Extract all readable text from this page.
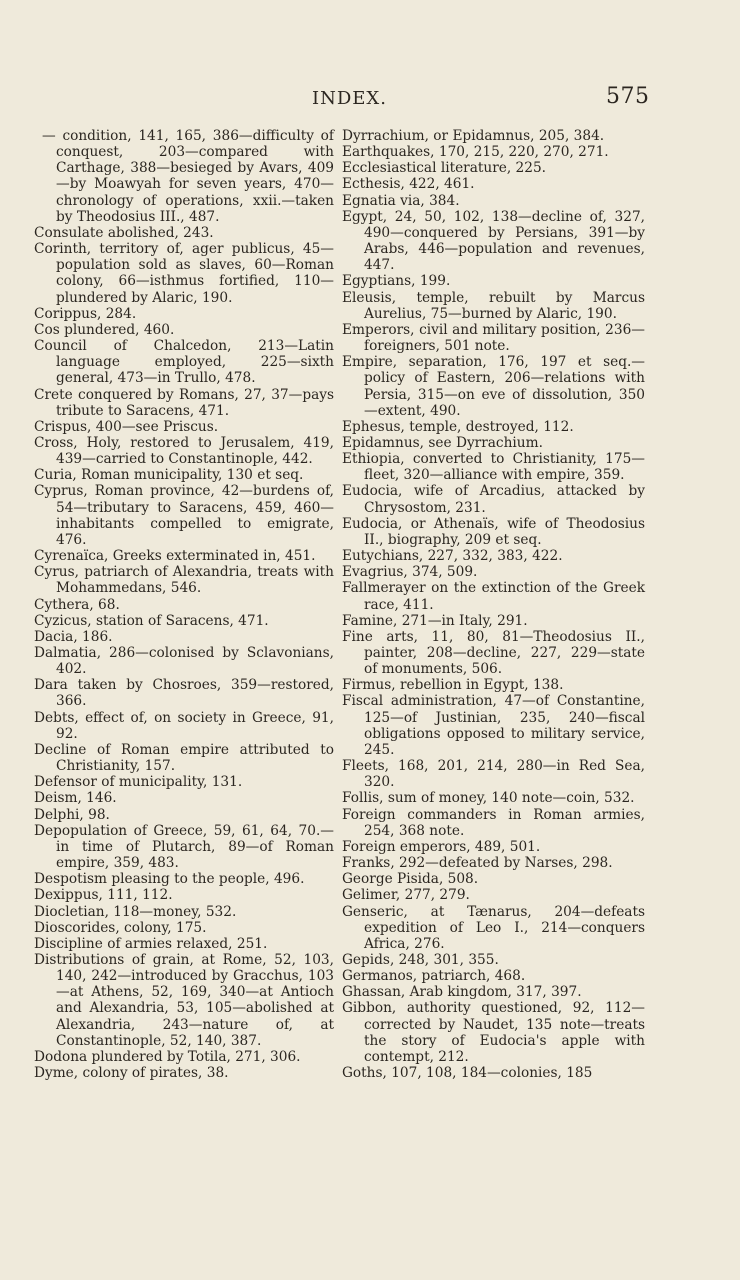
INDEX.	575

— condition, 141, 165, 386—difficulty of conquest, 203—compared with Carthage, 388—besieged by Avars, 409—by Moawyah for seven years, 470—chronology of operations, xxii.—taken by Theodosius III., 487.

Consulate abolished, 243.

Corinth, territory of, ager publicus, 45—population sold as slaves, 60—Roman colony, 66—isthmus fortified, 110—plundered by Alaric, 190.

Corippus, 284.

Cos plundered, 460.

Council of Chalcedon, 213—Latin language employed, 225—sixth general, 473—in Trullo, 478.

Crete conquered by Romans, 27, 37—pays tribute to Saracens, 471.

Crispus, 400—see Priscus.

Cross, Holy, restored to Jerusalem, 419, 439—carried to Constantinople, 442.

Curia, Roman municipality, 130 et seq.

Cyprus, Roman province, 42—burdens of, 54—tributary to Saracens, 459, 460—inhabitants compelled to emigrate, 476.

Cyrenaïca, Greeks exterminated in, 451.

Cyrus, patriarch of Alexandria, treats with Mohammedans, 546.

Cythera, 68.

Cyzicus, station of Saracens, 471.

Dacia, 186.

Dalmatia, 286—colonised by Sclavonians, 402.

Dara taken by Chosroes, 359—restored, 366.

Debts, effect of, on society in Greece, 91, 92.

Decline of Roman empire attributed to Christianity, 157.

Defensor of municipality, 131.

Deism, 146.

Delphi, 98.

Depopulation of Greece, 59, 61, 64, 70.—in time of Plutarch, 89—of Roman empire, 359, 483.

Despotism pleasing to the people, 496.

Dexippus, 111, 112.

Diocletian, 118—money, 532.

Dioscorides, colony, 175.

Discipline of armies relaxed, 251.

Distributions of grain, at Rome, 52, 103, 140, 242—introduced by Gracchus, 103—at Athens, 52, 169, 340—at Antioch and Alexandria, 53, 105—abolished at Alexandria, 243—nature of, at Constantinople, 52, 140, 387.

Dodona plundered by Totila, 271, 306.

Dyme, colony of pirates, 38.

Dyrrachium, or Epidamnus, 205, 384.

Earthquakes, 170, 215, 220, 270, 271.

Ecclesiastical literature, 225.

Ecthesis, 422, 461.

Egnatia via, 384.

Egypt, 24, 50, 102, 138—decline of, 327, 490—conquered by Persians, 391—by Arabs, 446—population and revenues, 447.

Egyptians, 199.

Eleusis, temple, rebuilt by Marcus Aurelius, 75—burned by Alaric, 190.

Emperors, civil and military position, 236—foreigners, 501 note.

Empire, separation, 176, 197 et seq.—policy of Eastern, 206—relations with Persia, 315—on eve of dissolution, 350—extent, 490.

Ephesus, temple, destroyed, 112.

Epidamnus, see Dyrrachium.

Ethiopia, converted to Christianity, 175—fleet, 320—alliance with empire, 359.

Eudocia, wife of Arcadius, attacked by Chrysostom, 231.

Eudocia, or Athenaïs, wife of Theodosius II., biography, 209 et seq.

Eutychians, 227, 332, 383, 422.

Evagrius, 374, 509.

Fallmerayer on the extinction of the Greek race, 411.

Famine, 271—in Italy, 291.

Fine arts, 11, 80, 81—Theodosius II., painter, 208—decline, 227, 229—state of monuments, 506.

Firmus, rebellion in Egypt, 138.

Fiscal administration, 47—of Constantine, 125—of Justinian, 235, 240—fiscal obligations opposed to military service, 245.

Fleets, 168, 201, 214, 280—in Red Sea, 320.

Follis, sum of money, 140 note—coin, 532.

Foreign commanders in Roman armies, 254, 368 note.

Foreign emperors, 489, 501.

Franks, 292—defeated by Narses, 298.

George Pisida, 508.

Gelimer, 277, 279.

Genseric, at Tænarus, 204—defeats expedition of Leo I., 214—conquers Africa, 276.

Gepids, 248, 301, 355.

Germanos, patriarch, 468.

Ghassan, Arab kingdom, 317, 397.

Gibbon, authority questioned, 92, 112—corrected by Naudet, 135 note—treats the story of Eudocia's apple with contempt, 212.

Goths, 107, 108, 184—colonies, 185
